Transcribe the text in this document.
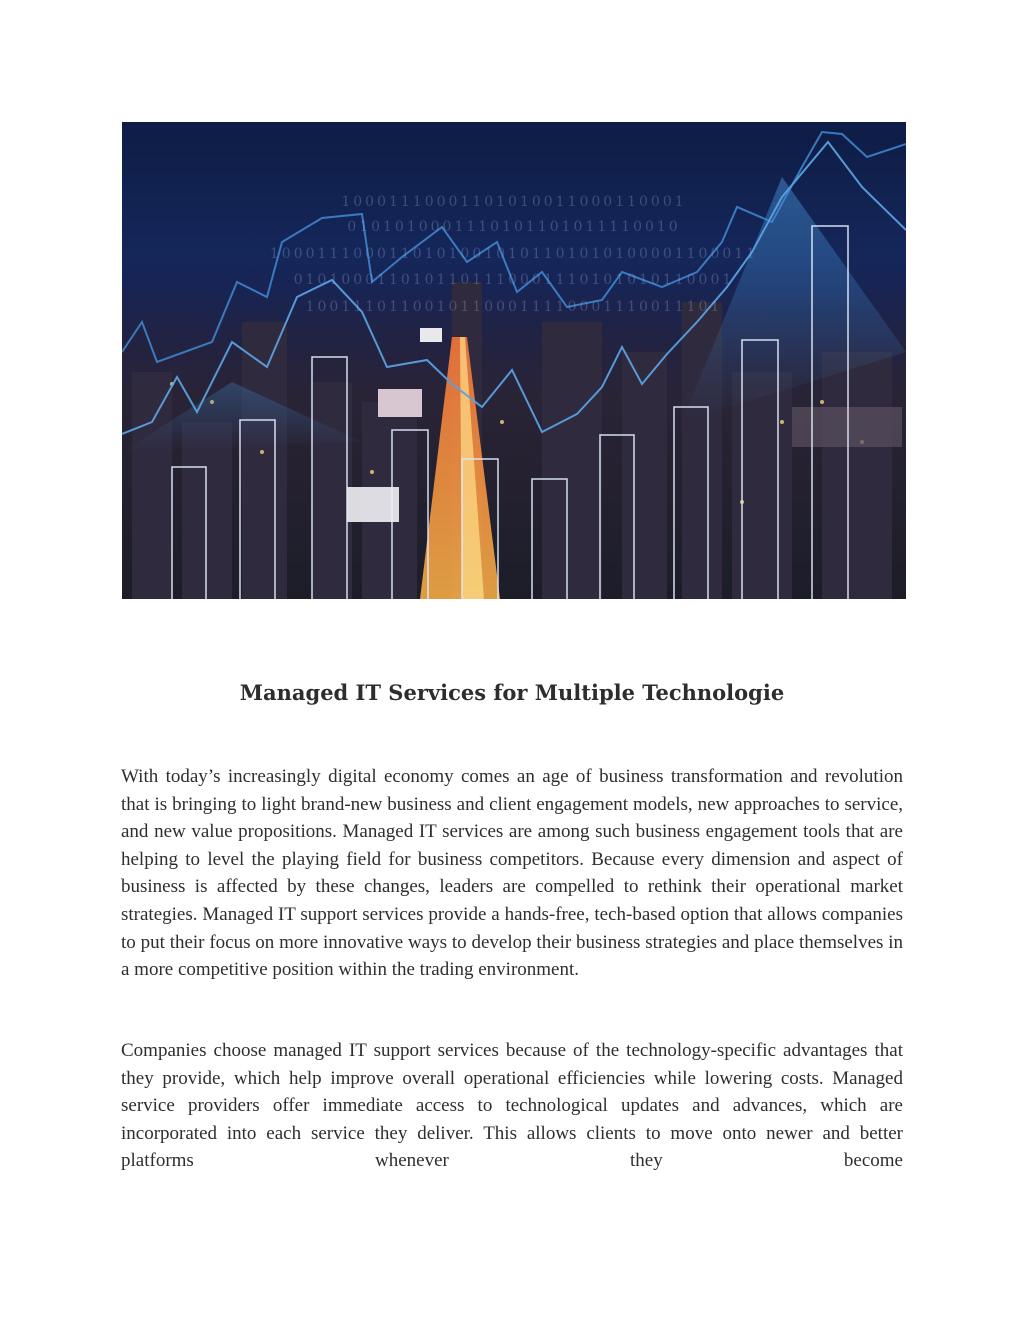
10001110001101010011000110001
0101010001110101101011110010
10001110001101010010101101010100001100011
0101000110101101110001110101010110001
10011101100101100011110001110011101
Managed IT Services for Multiple Technologie

With today’s increasingly digital economy comes an age of business transformation and revolution that is bringing to light brand-new business and client engagement models, new approaches to service, and new value propositions. Managed IT services are among such business engagement tools that are helping to level the playing field for business competitors. Because every dimension and aspect of business is affected by these changes, leaders are compelled to rethink their operational market strategies. Managed IT support services provide a hands-free, tech-based option that allows companies to put their focus on more innovative ways to develop their business strategies and place themselves in a more competitive position within the trading environment.

Companies choose managed IT support services because of the technology-specific advantages that they provide, which help improve overall operational efficiencies while lowering costs. Managed service providers offer immediate access to technological updates and advances, which are incorporated into each service they deliver. This allows clients to move onto newer and better platforms whenever they become
